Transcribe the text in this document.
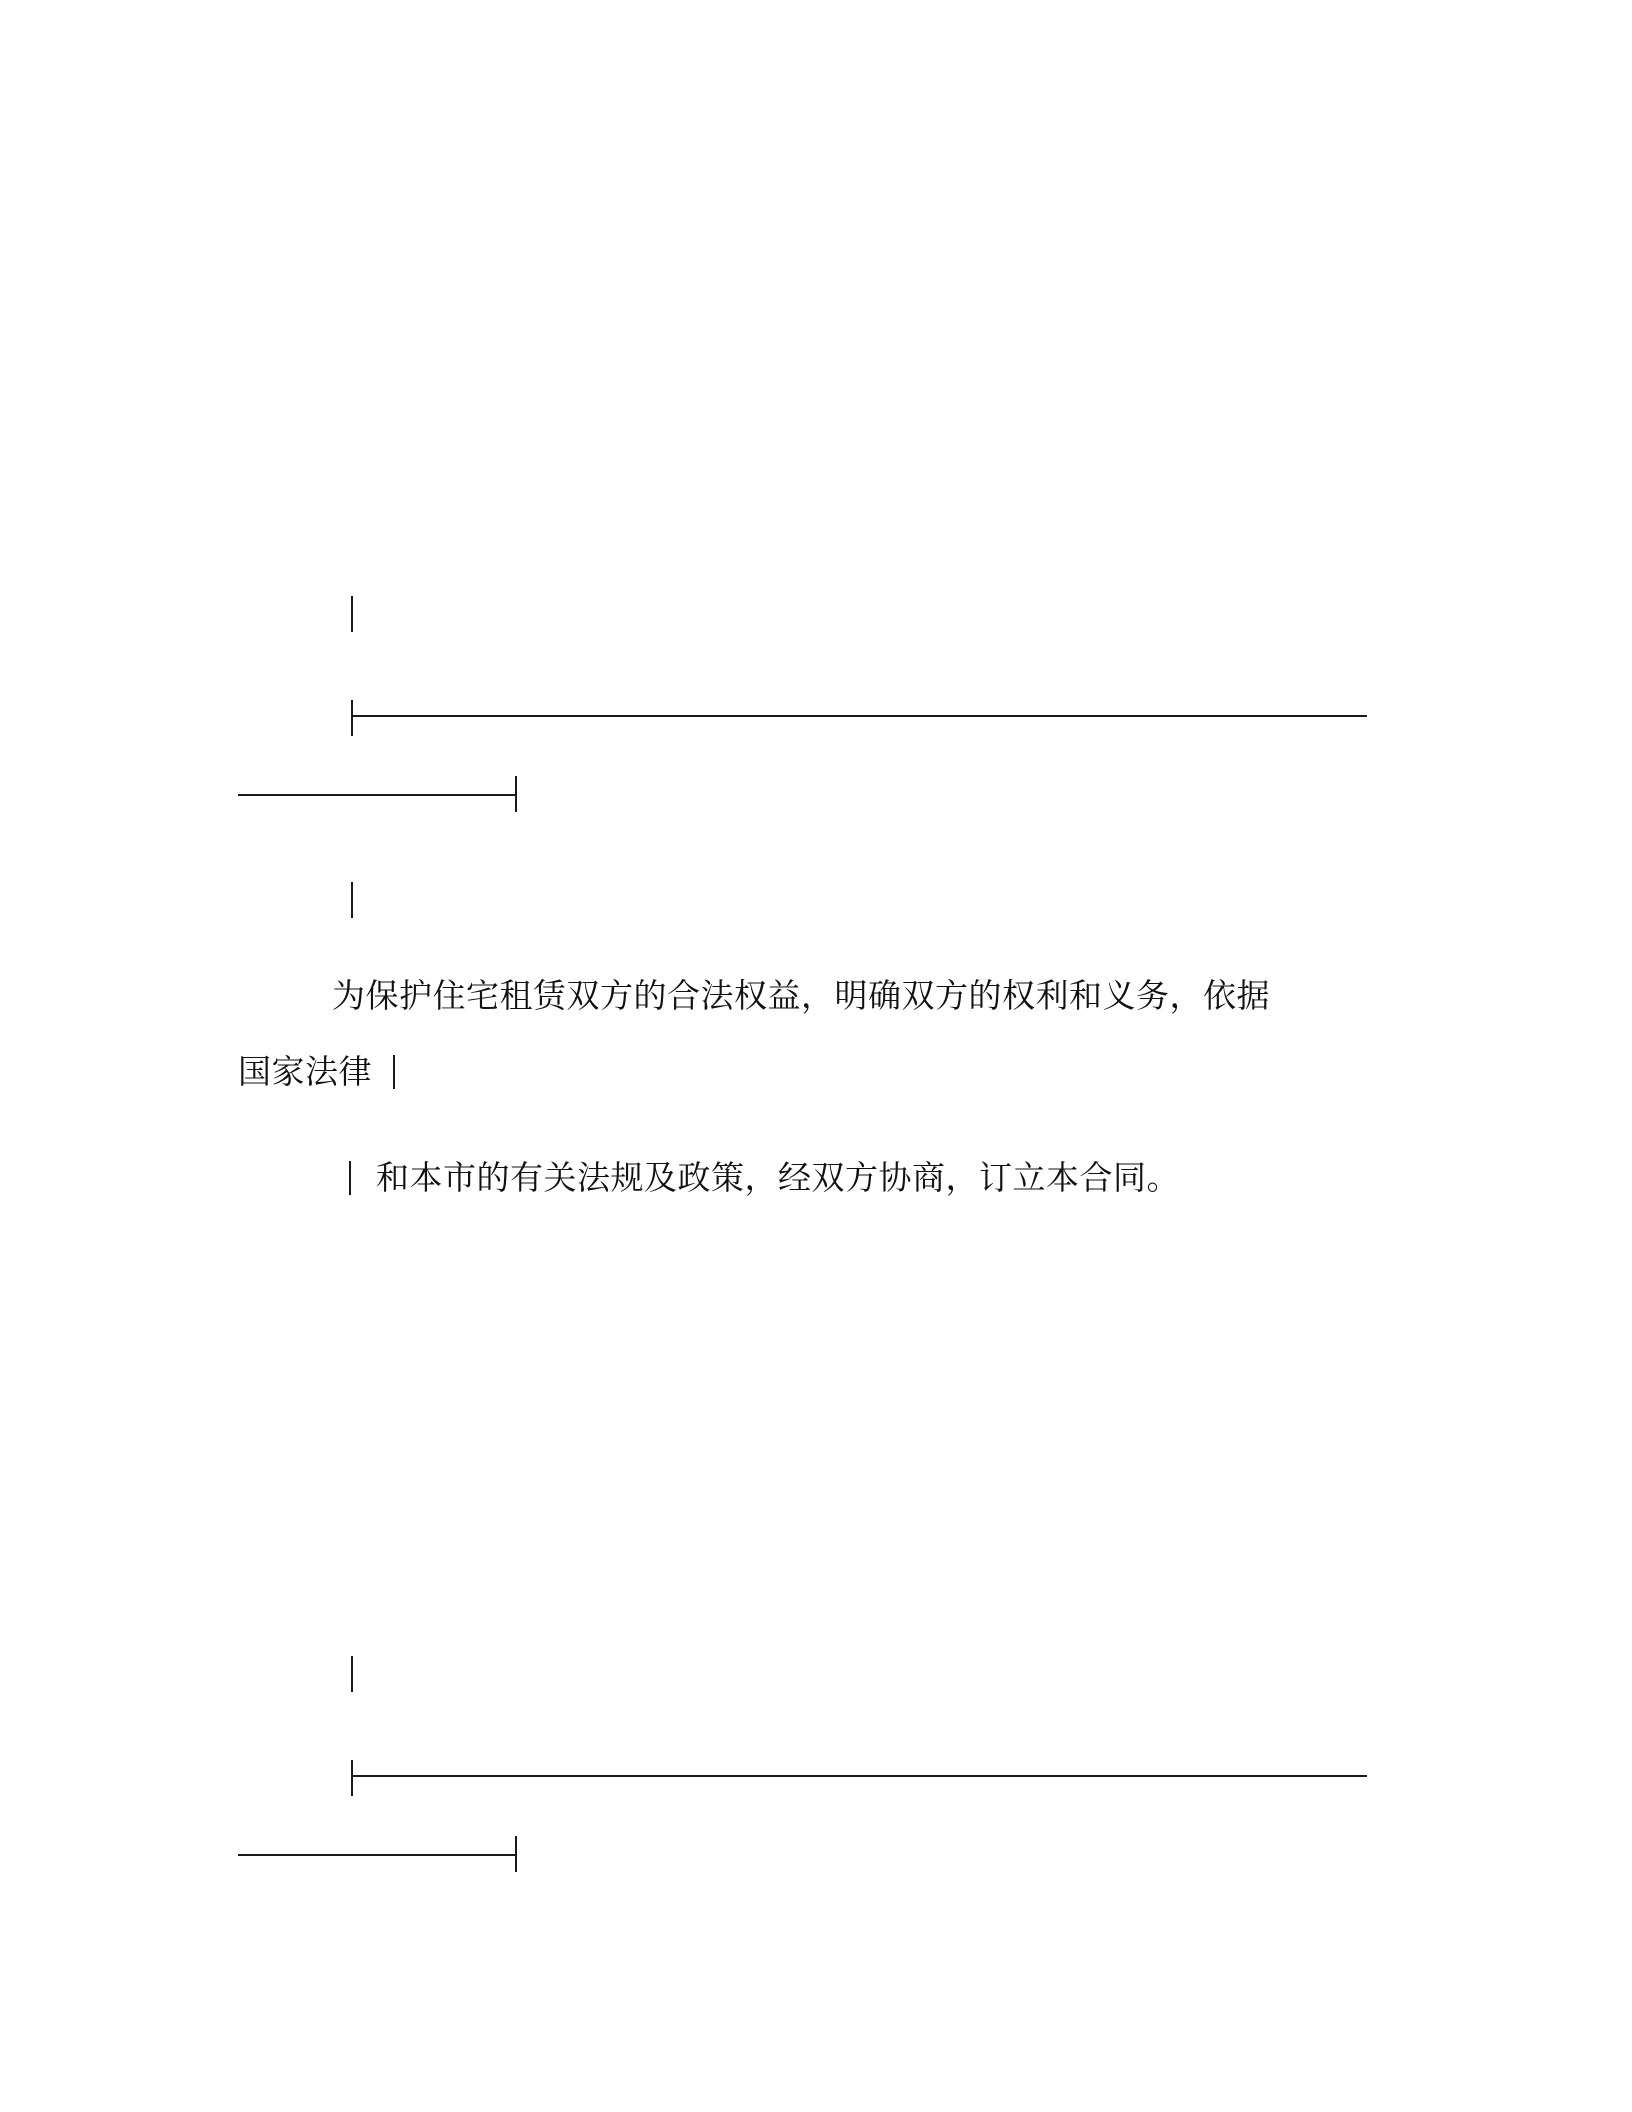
为保护住宅租赁双方的合法权益，明确双方的权利和义务，依据
国家法律
和本市的有关法规及政策，经双方协商，订立本合同。
